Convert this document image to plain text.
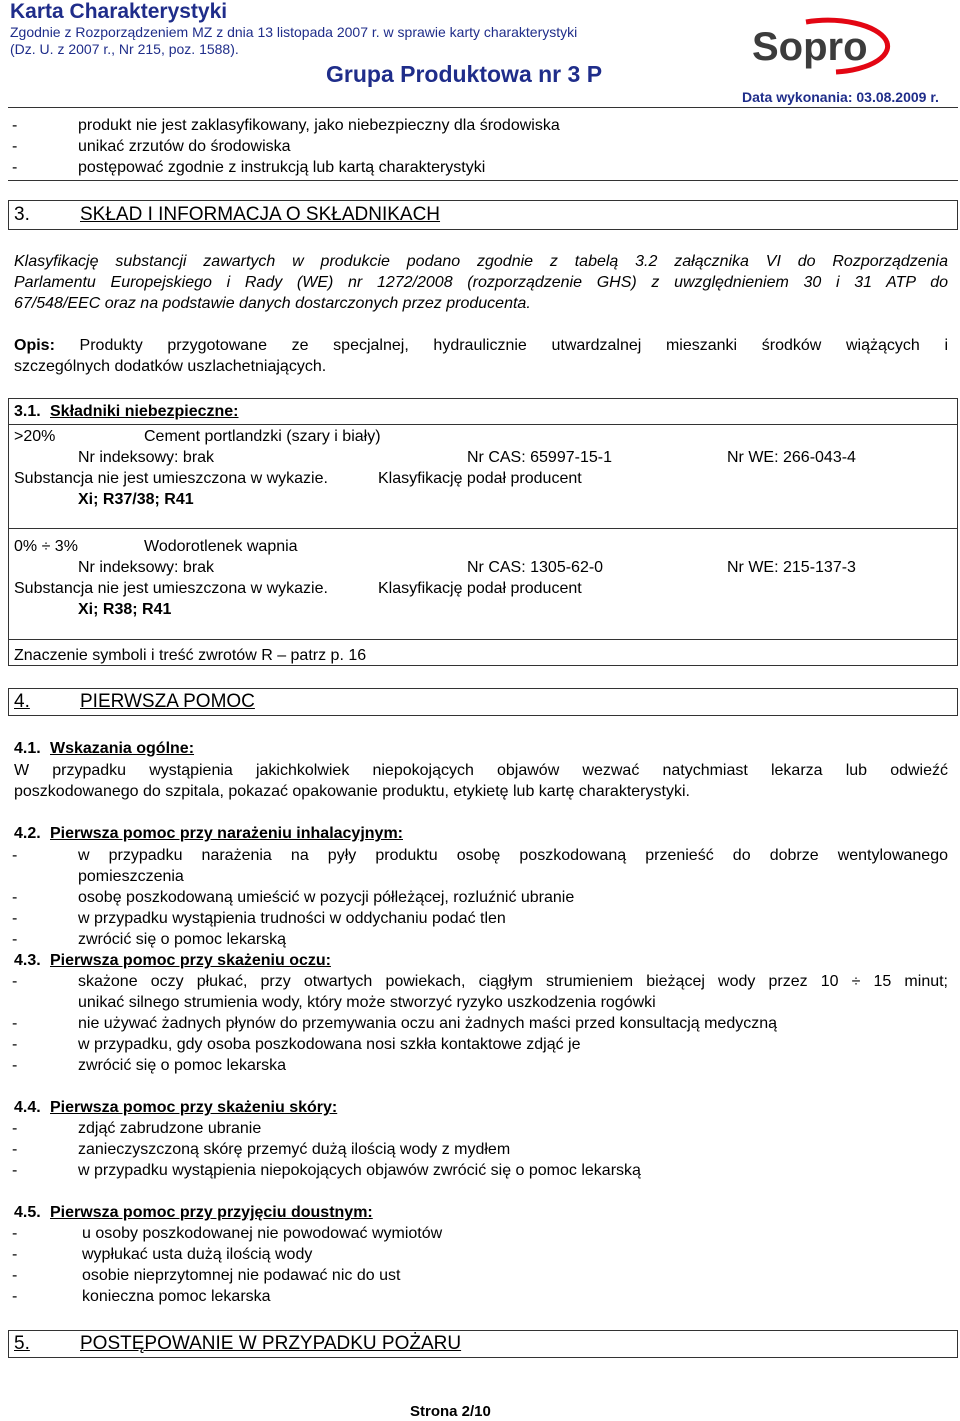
Karta Charakterystyki
Zgodnie z Rozporządzeniem MZ z dnia 13 listopada 2007 r. w sprawie karty charakterystyki
(Dz. U. z 2007 r., Nr 215, poz. 1588).
Grupa Produktowa nr 3 P
Sopro
Data wykonania: 03.08.2009 r.
-	produkt nie jest zaklasyfikowany, jako niebezpieczny dla środowiska
-	unikać zrzutów do środowiska
-	postępować zgodnie z instrukcją lub kartą charakterystyki
3.	SKŁAD I INFORMACJA O SKŁADNIKACH
Klasyfikację substancji zawartych w produkcie podano zgodnie z tabelą 3.2 załącznika VI do Rozporządzenia
Parlamentu Europejskiego i Rady (WE) nr 1272/2008 (rozporządzenie GHS) z uwzględnieniem 30 i 31 ATP do
67/548/EEC oraz na podstawie danych dostarczonych przez producenta.
Opis: Produkty przygotowane ze specjalnej, hydraulicznie utwardzalnej mieszanki środków wiążących i
szczególnych dodatków uszlachetniających.
3.1. Składniki niebezpieczne:
>20%	Cement portlandzki (szary i biały)
Nr indeksowy: brak	Nr CAS: 65997-15-1	Nr WE: 266-043-4
Substancja nie jest umieszczona w wykazie.	Klasyfikację podał producent
Xi; R37/38; R41
0% ÷ 3%	Wodorotlenek wapnia
Nr indeksowy: brak	Nr CAS: 1305-62-0	Nr WE: 215-137-3
Substancja nie jest umieszczona w wykazie.	Klasyfikację podał producent
Xi; R38; R41
Znaczenie symboli i treść zwrotów R – patrz p. 16
4.	PIERWSZA POMOC
4.1. Wskazania ogólne:
W przypadku wystąpienia jakichkolwiek niepokojących objawów wezwać natychmiast lekarza lub odwieźć
poszkodowanego do szpitala, pokazać opakowanie produktu, etykietę lub kartę charakterystyki.
4.2. Pierwsza pomoc przy narażeniu inhalacyjnym:
-	w przypadku narażenia na pyły produktu osobę poszkodowaną przenieść do dobrze wentylowanego
pomieszczenia
-	osobę poszkodowaną umieścić w pozycji półleżącej, rozluźnić ubranie
-	w przypadku wystąpienia trudności w oddychaniu podać tlen
-	zwrócić się o pomoc lekarską
4.3. Pierwsza pomoc przy skażeniu oczu:
-	skażone oczy płukać, przy otwartych powiekach, ciągłym strumieniem bieżącej wody przez 10 ÷ 15 minut;
unikać silnego strumienia wody, który może stworzyć ryzyko uszkodzenia rogówki
-	nie używać żadnych płynów do przemywania oczu ani żadnych maści przed konsultacją medyczną
-	w przypadku, gdy osoba poszkodowana nosi szkła kontaktowe zdjąć je
-	zwrócić się o pomoc lekarska
4.4. Pierwsza pomoc przy skażeniu skóry:
-	zdjąć zabrudzone ubranie
-	zanieczyszczoną skórę przemyć dużą ilością wody z mydłem
-	w przypadku wystąpienia niepokojących objawów zwrócić się o pomoc lekarską
4.5. Pierwsza pomoc przy przyjęciu doustnym:
-	u osoby poszkodowanej nie powodować wymiotów
-	wypłukać usta dużą ilością wody
-	osobie nieprzytomnej nie podawać nic do ust
-	konieczna pomoc lekarska
5.	POSTĘPOWANIE W PRZYPADKU POŻARU
Strona 2/10
